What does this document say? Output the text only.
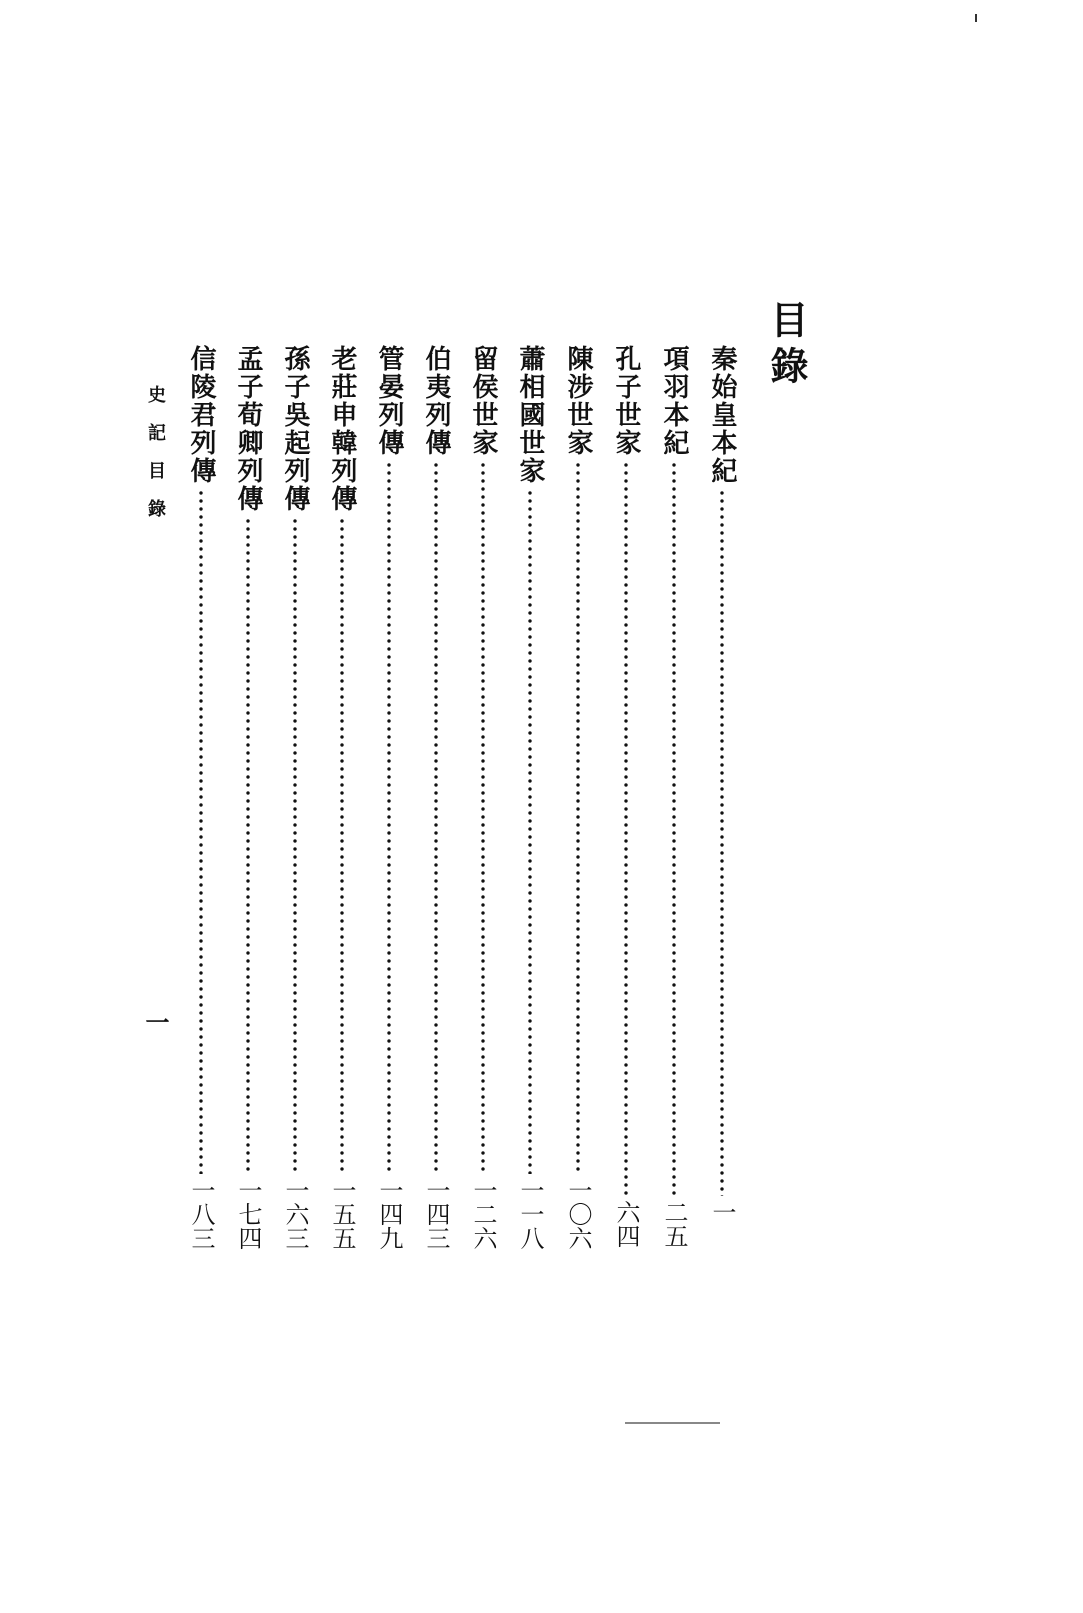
目錄
秦始皇本紀
一
項羽本紀
二五
孔子世家
六四
陳涉世家
一〇六
蕭相國世家
一一八
留侯世家
一二六
伯夷列傳
一四三
管晏列傳
一四九
老莊申韓列傳
一五五
孫子吳起列傳
一六三
孟子荀卿列傳
一七四
信陵君列傳
一八三
史記目錄
一
